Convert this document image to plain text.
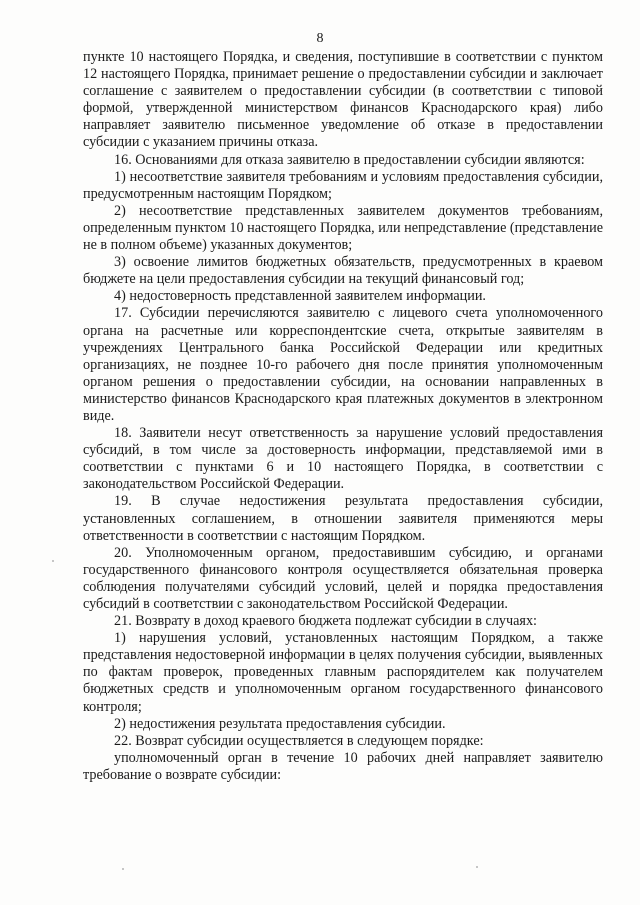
8

пункте 10 настоящего Порядка, и сведения, поступившие в соответствии с пунктом 12 настоящего Порядка, принимает решение о предоставлении субсидии и заключает соглашение с заявителем о предоставлении субсидии (в соответствии с типовой формой, утвержденной министерством финансов Краснодарского края) либо направляет заявителю письменное уведомление об отказе в предоставлении субсидии с указанием причины отказа.

16. Основаниями для отказа заявителю в предоставлении субсидии являются:

1) несоответствие заявителя требованиям и условиям предоставления субсидии, предусмотренным настоящим Порядком;

2) несоответствие представленных заявителем документов требованиям, определенным пунктом 10 настоящего Порядка, или непредставление (представление не в полном объеме) указанных документов;

3) освоение лимитов бюджетных обязательств, предусмотренных в краевом бюджете на цели предоставления субсидии на текущий финансовый год;

4) недостоверность представленной заявителем информации.

17. Субсидии перечисляются заявителю с лицевого счета уполномоченного органа на расчетные или корреспондентские счета, открытые заявителям в учреждениях Центрального банка Российской Федерации или кредитных организациях, не позднее 10-го рабочего дня после принятия уполномоченным органом решения о предоставлении субсидии, на основании направленных в министерство финансов Краснодарского края платежных документов в электронном виде.

18. Заявители несут ответственность за нарушение условий предоставления субсидий, в том числе за достоверность информации, представляемой ими в соответствии с пунктами 6 и 10 настоящего Порядка, в соответствии с законодательством Российской Федерации.

19. В случае недостижения результата предоставления субсидии, установленных соглашением, в отношении заявителя применяются меры ответственности в соответствии с настоящим Порядком.

20. Уполномоченным органом, предоставившим субсидию, и органами государственного финансового контроля осуществляется обязательная проверка соблюдения получателями субсидий условий, целей и порядка предоставления субсидий в соответствии с законодательством Российской Федерации.

21. Возврату в доход краевого бюджета подлежат субсидии в случаях:

1) нарушения условий, установленных настоящим Порядком, а также представления недостоверной информации в целях получения субсидии, выявленных по фактам проверок, проведенных главным распорядителем как получателем бюджетных средств и уполномоченным органом государственного финансового контроля;

2) недостижения результата предоставления субсидии.

22. Возврат субсидии осуществляется в следующем порядке:

уполномоченный орган в течение 10 рабочих дней направляет заявителю требование о возврате субсидии:
